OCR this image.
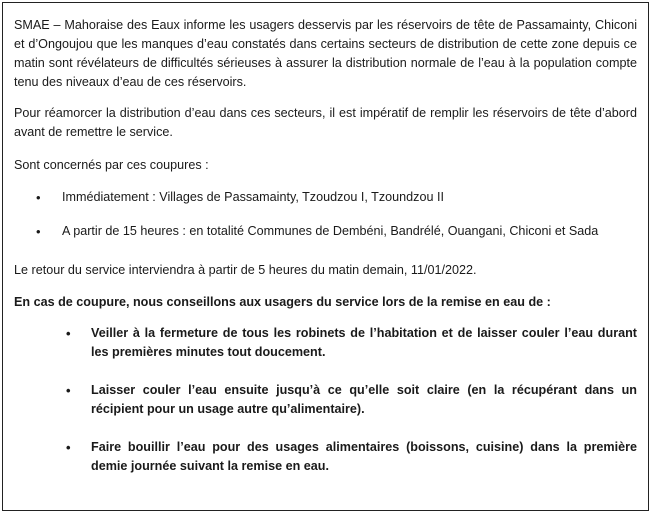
SMAE – Mahoraise des Eaux informe les usagers desservis par les réservoirs de tête de Passamainty, Chiconi et d’Ongoujou que les manques d’eau constatés dans certains secteurs de distribution de cette zone depuis ce matin sont révélateurs de difficultés sérieuses à assurer la distribution normale de l’eau à la population compte tenu des niveaux d’eau de ces réservoirs.

Pour réamorcer la distribution d’eau dans ces secteurs, il est impératif de remplir les réservoirs de tête d’abord avant de remettre le service.

Sont concernés par ces coupures :

• Immédiatement : Villages de Passamainty, Tzoudzou I, Tzoundzou II
• A partir de 15 heures : en totalité Communes de Dembéni, Bandrélé, Ouangani, Chiconi et Sada

Le retour du service interviendra à partir de 5 heures du matin demain, 11/01/2022.

En cas de coupure, nous conseillons aux usagers du service lors de la remise en eau de :

• Veiller à la fermeture de tous les robinets de l’habitation et de laisser couler l’eau durant les premières minutes tout doucement.
• Laisser couler l’eau ensuite jusqu’à ce qu’elle soit claire (en la récupérant dans un récipient pour un usage autre qu’alimentaire).
• Faire bouillir l’eau pour des usages alimentaires (boissons, cuisine) dans la première demie journée suivant la remise en eau.
